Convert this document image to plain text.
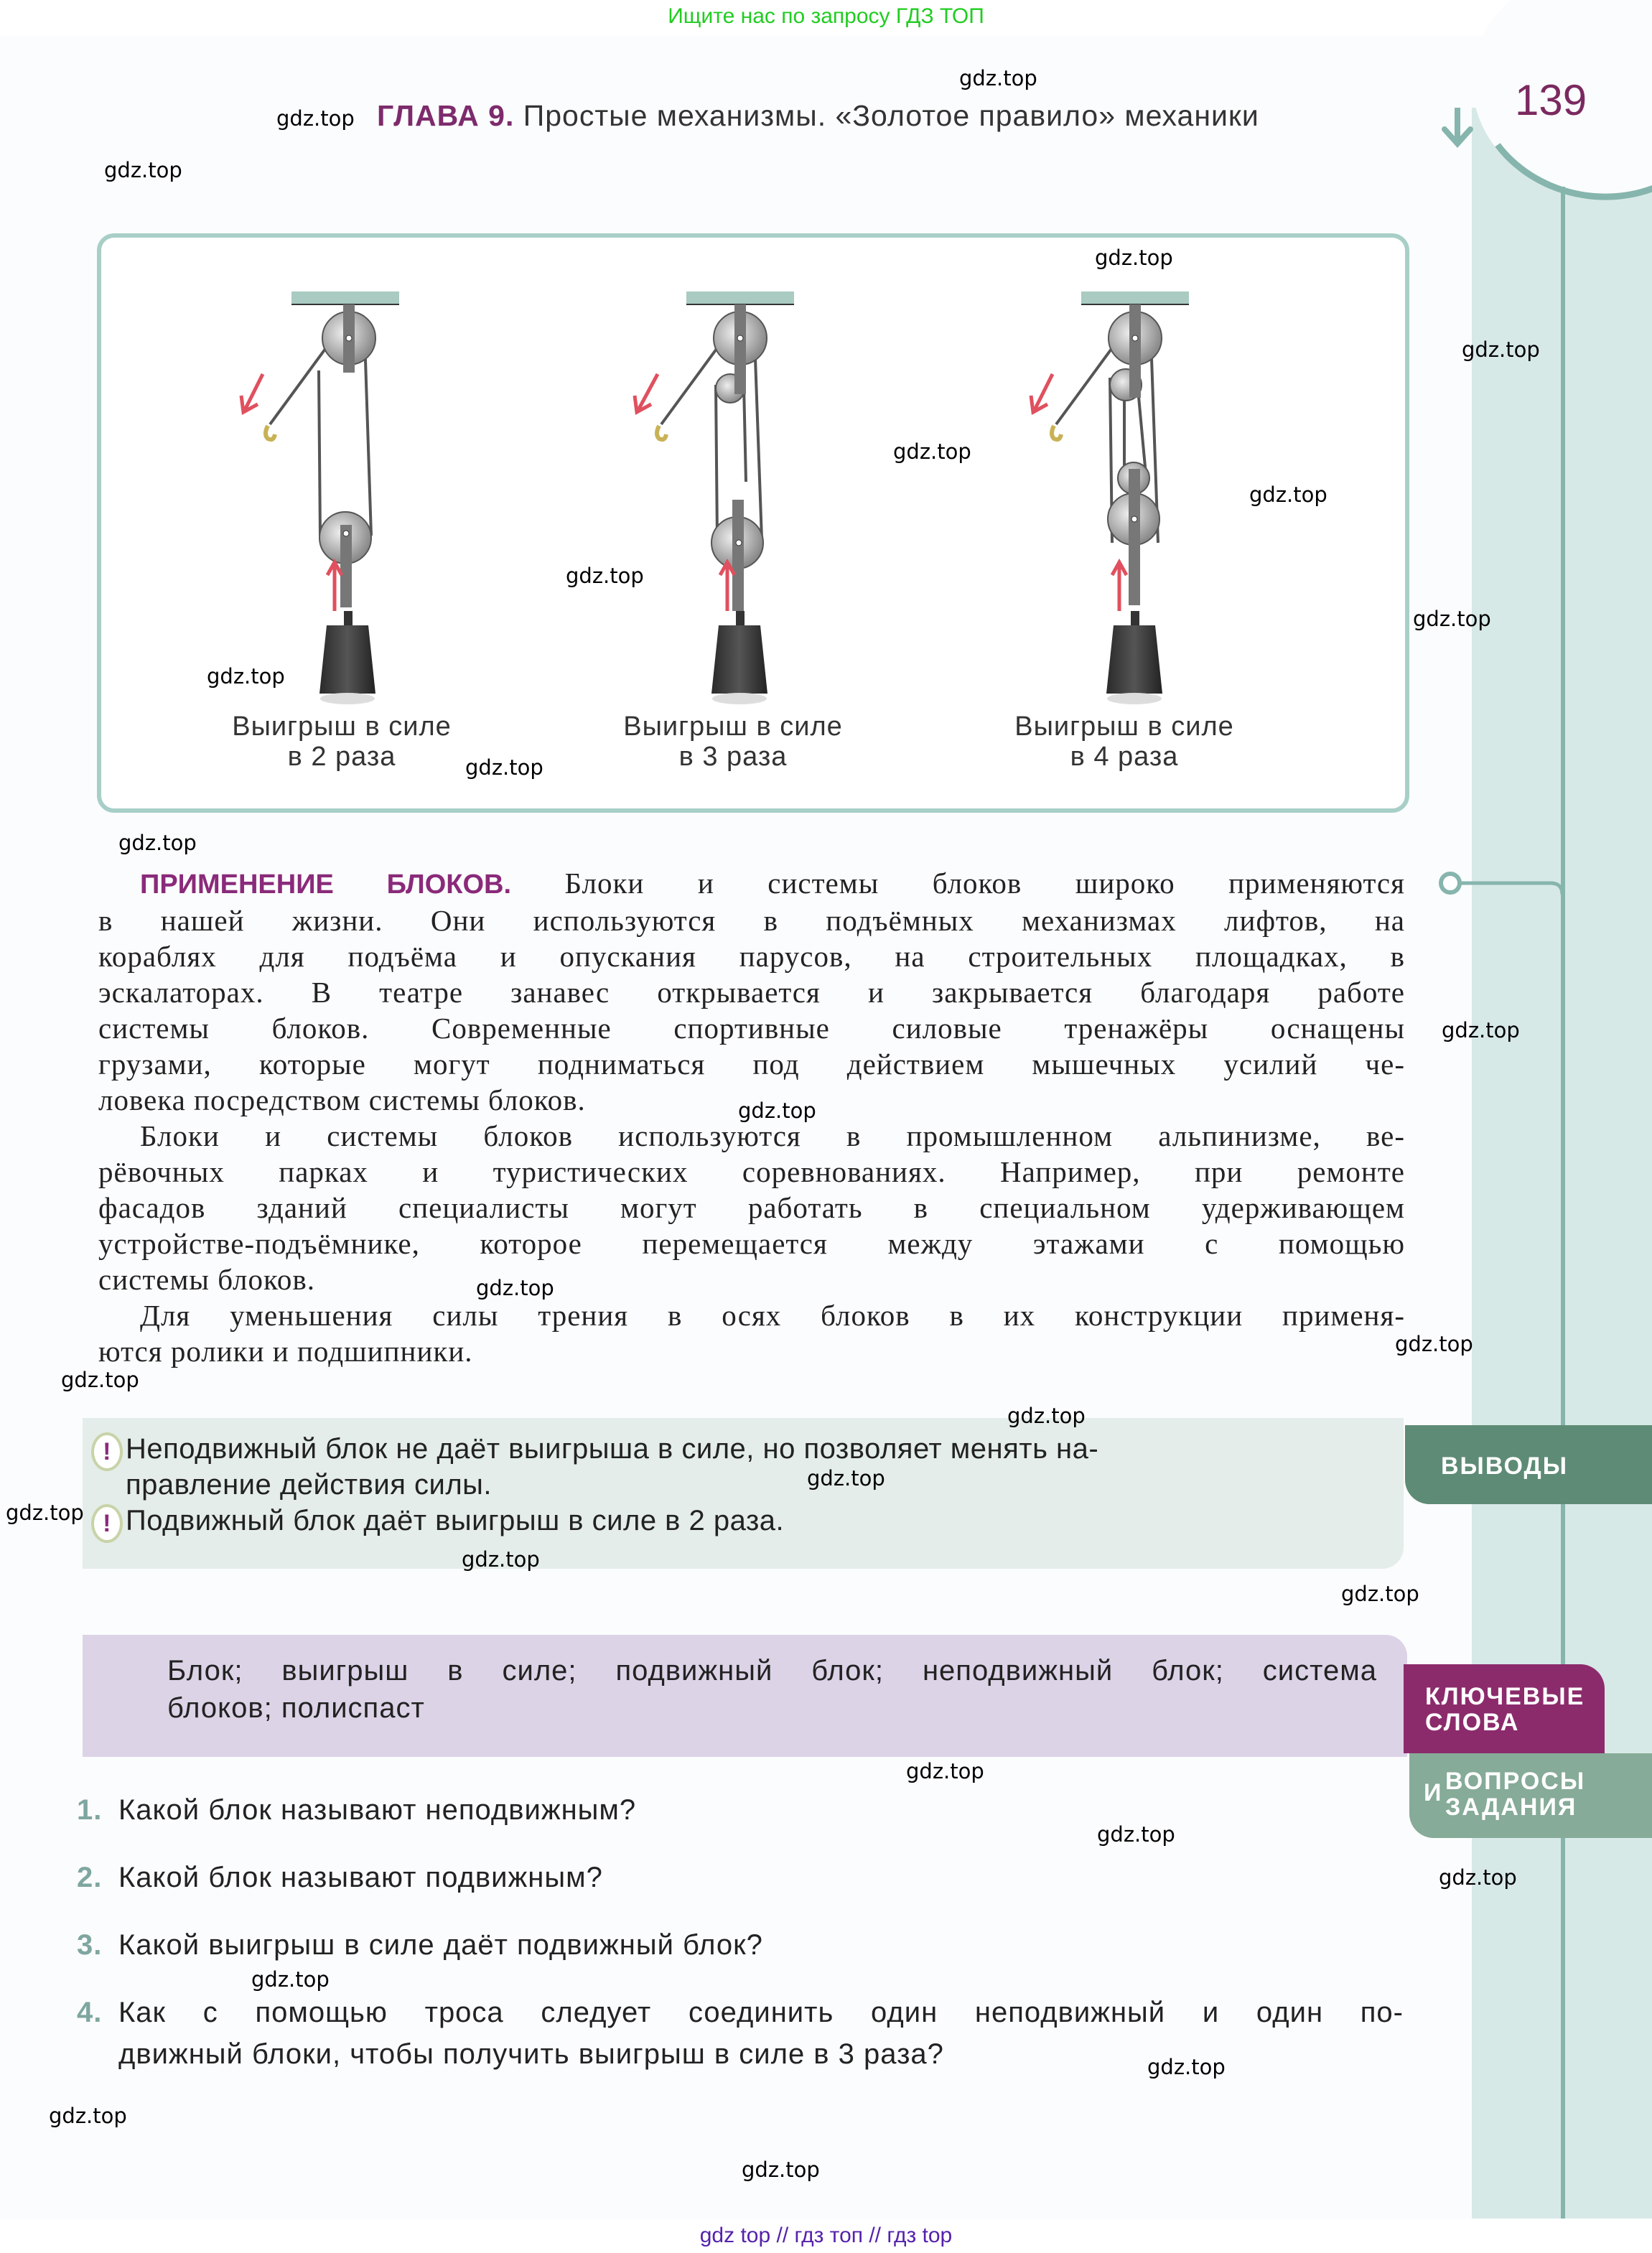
Ищите нас по запросу ГДЗ ТОП
139
ГЛАВА 9. Простые механизмы. «Золотое правило» механики
Выигрыш в силе
в 2 раза
Выигрыш в силе
в 3 раза
Выигрыш в силе
в 4 раза

ПРИМЕНЕНИЕ БЛОКОВ. Блоки и системы блоков широко применяются

в нашей жизни. Они используются в подъёмных механизмах лифтов, на

кораблях для подъёма и опускания парусов, на строительных площадках, в

эскалаторах. В театре занавес открывается и закрывается благодаря работе

системы блоков. Современные спортивные силовые тренажёры оснащены

грузами, которые могут подниматься под действием мышечных усилий че-

ловека посредством системы блоков.

Блоки и системы блоков используются в промышленном альпинизме, ве-

рёвочных парках и туристических соревнованиях. Например, при ремонте

фасадов зданий специалисты могут работать в специальном удерживающем

устройстве-подъёмнике, которое перемещается между этажами с помощью

системы блоков.

Для уменьшения силы трения в осях блоков в их конструкции применя-

ются ролики и подшипники.

! Неподвижный блок не даёт выигрыша в силе, но позволяет менять на-
правление действия силы.
! Подвижный блок даёт выигрыш в силе в 2 раза.
ВЫВОДЫ
Блок; выигрыш в силе; подвижный блок; неподвижный блок; система
блоков; полиспаст	КЛЮЧЕВЫЕ
СЛОВА
И ВОПРОСЫ
ЗАДАНИЯ
1. Какой блок называют неподвижным?
2. Какой блок называют подвижным?
3. Какой выигрыш в силе даёт подвижный блок?
4. Как с помощью троса следует соединить один неподвижный и один по-
движный блоки, чтобы получить выигрыш в силе в 3 раза?
gdz.top
gdz.top
gdz.top
gdz.top
gdz.top
gdz.top
gdz.top
gdz.top
gdz.top
gdz.top
gdz.top
gdz.top
gdz.top
gdz.top
gdz.top
gdz.top
gdz.top
gdz.top
gdz.top
gdz.top
gdz.top
gdz.top
gdz.top
gdz.top
gdz.top
gdz.top
gdz.top
gdz.top
gdz.top
gdz top // гдз топ // гдз top
